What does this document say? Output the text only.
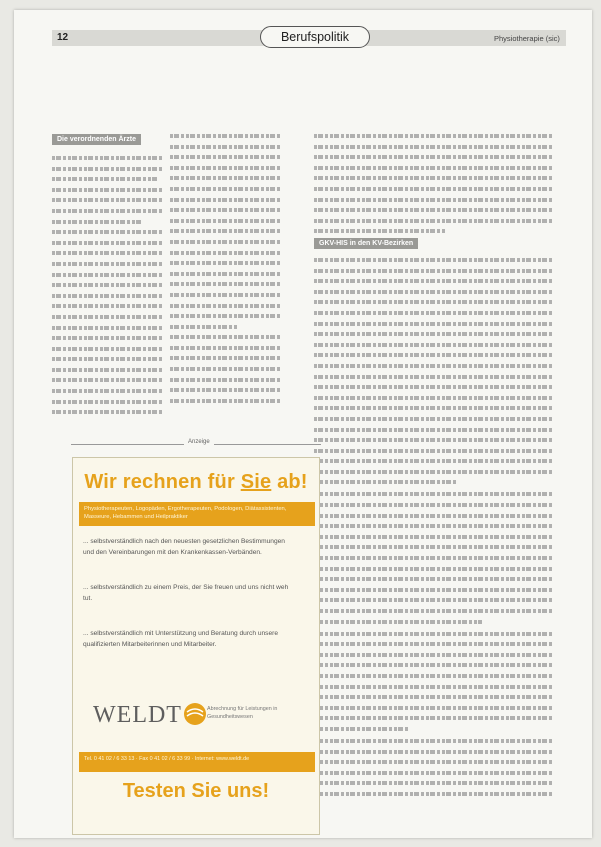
12	Berufspolitik	Physiotherapie (sic)
Die verordnenden Ärzte
GKV-HIS in den KV-Bezirken
Anzeige
Wir rechnen für Sie ab!
Physiotherapeuten, Logopäden, Ergotherapeuten, Podologen, Diätassistenten, Masseure, Hebammen und Heilpraktiker
... selbstverständlich nach den neuesten gesetzlichen Bestimmungen und den Vereinbarungen mit den Krankenkassen-Verbänden.
... selbstverständlich zu einem Preis, der Sie freuen und uns nicht weh tut.
... selbstverständlich mit Unterstützung und Beratung durch unsere qualifizierten Mitarbeiterinnen und Mitarbeiter.
WELDT	Abrechnung für Leistungen in Gesundheitswesen
Tel. 0 41 02 / 6 33 13 · Fax 0 41 02 / 6 33 99 · Internet: www.weldt.de
Testen Sie uns!
